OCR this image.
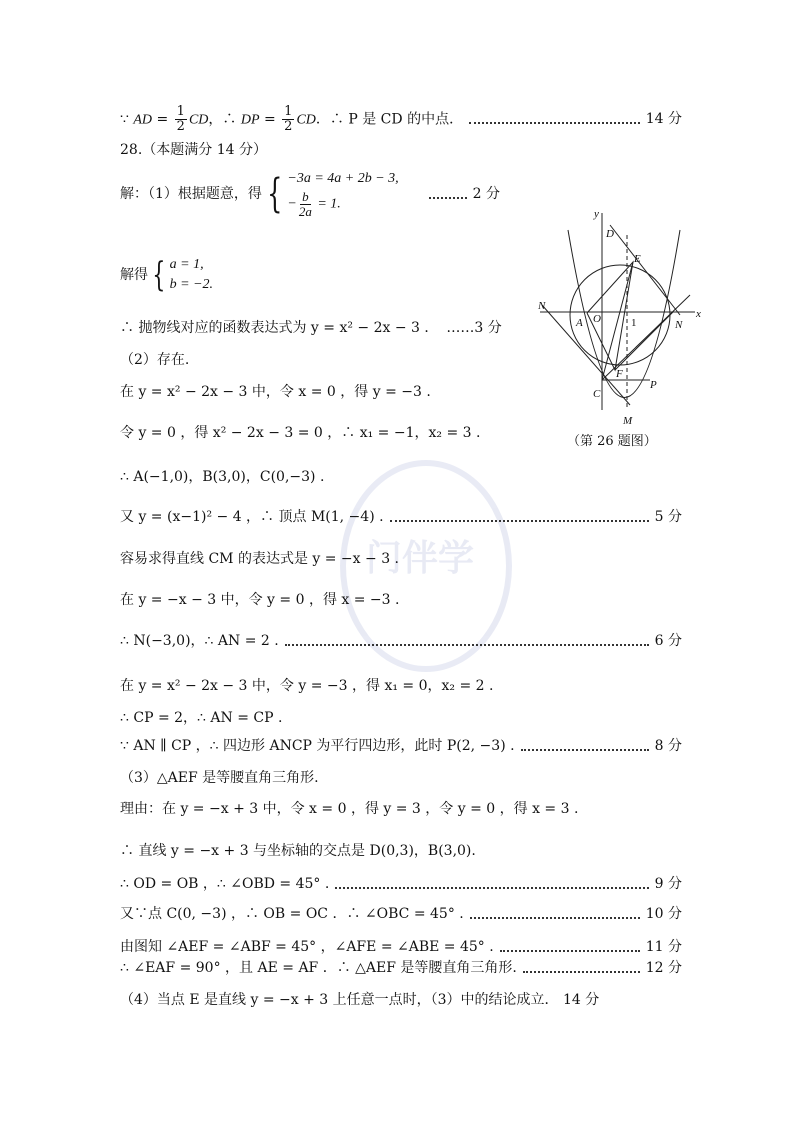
门伴学
∵ AD = $\frac{1}{2}$ CD，∴ DP = $\frac{1}{2}$ CD．∴ P 是 CD 的中点．	14 分
28.（本题满分 14 分）
解：（1）根据题意，得 { −3a = 4a + 2b − 3,
− $\frac{b}{2a} = 1$.
2 分
解得 { a = 1,
b = −2.
∴ 抛物线对应的函数表达式为 y = x² − 2x − 3 ． …… 3 分
（2）存在.
在 y = x² − 2x − 3 中，令 x = 0 ，得 y = −3 .
令 y = 0 ，得 x² − 2x − 3 = 0 ，∴ x₁ = −1，x₂ = 3 .
∴ A(−1,0)，B(3,0)，C(0,−3) .
又 y = (x−1)² − 4 ，∴ 顶点 M(1, −4) .	5 分
容易求得直线 CM 的表达式是 y = −x − 3 .
在 y = −x − 3 中，令 y = 0 ，得 x = −3 .
∴ N(−3,0)，∴ AN = 2 .	6 分
在 y = x² − 2x − 3 中，令 y = −3 ，得 x₁ = 0，x₂ = 2 .
∴ CP = 2，∴ AN = CP .
∵ AN ∥ CP ，∴ 四边形 ANCP 为平行四边形，此时 P(2, −3) .	8 分
（3）△AEF 是等腰直角三角形.
理由：在 y = −x + 3 中，令 x = 0 ，得 y = 3 ，令 y = 0 ，得 x = 3 .
∴ 直线 y = −x + 3 与坐标轴的交点是 D(0,3)，B(3,0).
∴ OD = OB ，∴ ∠OBD = 45° .	9 分
又∵点 C(0, −3) ，∴ OB = OC ．∴ ∠OBC = 45° .	10 分
由图知 ∠AEF = ∠ABF = 45° ，∠AFE = ∠ABE = 45° .	11 分
∴ ∠EAF = 90° ，且 AE = AF ．∴ △AEF 是等腰直角三角形.	12 分
（4）当点 E 是直线 y = −x + 3 上任意一点时，（3）中的结论成立． 14 分
y
x
D
E
N
A O	1	N
F
P
C
M
（第 26 题图）
